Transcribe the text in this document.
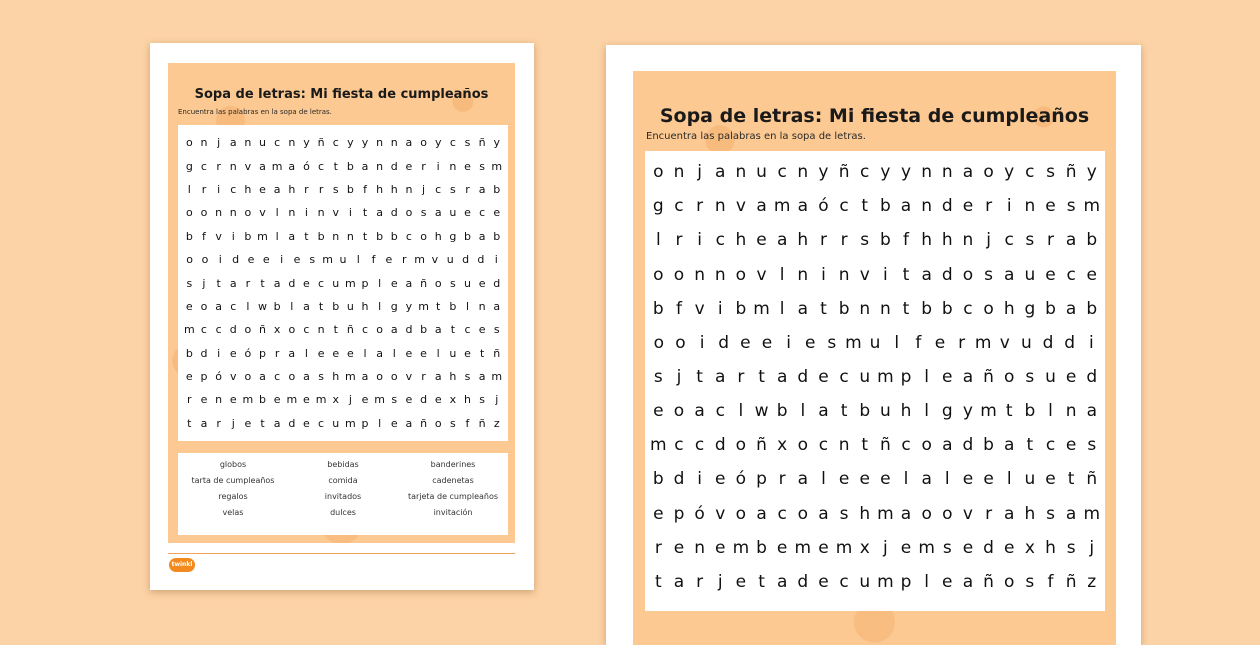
Sopa de letras: Mi fiesta de cumpleaños
Encuentra las palabras en la sopa de letras.
o n j a n u c n y ñ c y y n n a o y c s ñ y
g c r n v a m a ó c t b a n d e r i n e s m
l r i c h e a h r r s b f h h n j c s r a b
o o n n o v l n i n v i t a d o s a u e c e
b f v i b m l a t b n n t b b c o h g b a b
o o i d e e i e s m u l	f e r m v u d d i
s j t a r t a d e c u m p l e a ñ o s u e d
e o a c l w b l a t b u h l g y m t b l n a
m c c d o ñ x o c n t ñ c o a d b a t c e s
b d i e ó p r a l e e e l a l e e l u e t ñ
e p ó v o a c o a s h m a o o v r a h s a m
r e n e m b e m e m x j e m s e d e x h s j
t a r j e t a d e c u m p l e a ñ o s f ñ z
globos	bebidas	banderines
tarta de cumpleaños	comida	cadenetas
regalos	invitados	tarjeta de cumpleaños
velas	dulces	invitación
twinkl
Sopa de letras: Mi fiesta de cumpleaños
Encuentra las palabras en la sopa de letras.
o n j a n u c n y ñ c y y n n a o y c s ñ y
g c r n v a m a ó c t b a n d e r i n e s m
l r i c h e a h r r s b f h h n j c s r a b
o o n n o v l n i n v i t a d o s a u e c e
b f v i b m l a t b n n t b b c o h g b a b
o o i d e e i e s m u l f e r m v u d d i
s j t a r t a d e c u m p l e a ñ o s u e d
e o a c l w b l a t b u h l g y m t b l n a
m c c d o ñ x o c n t ñ c o a d b a t c e s
b d i e ó p r a l e e e l a l e e l u e t ñ
e p ó v o a c o a s h m a o o v r a h s a m
r e n e m b e m e m x j e m s e d e x h s j
t a r j e t a d e c u m p l e a ñ o s f ñ z
